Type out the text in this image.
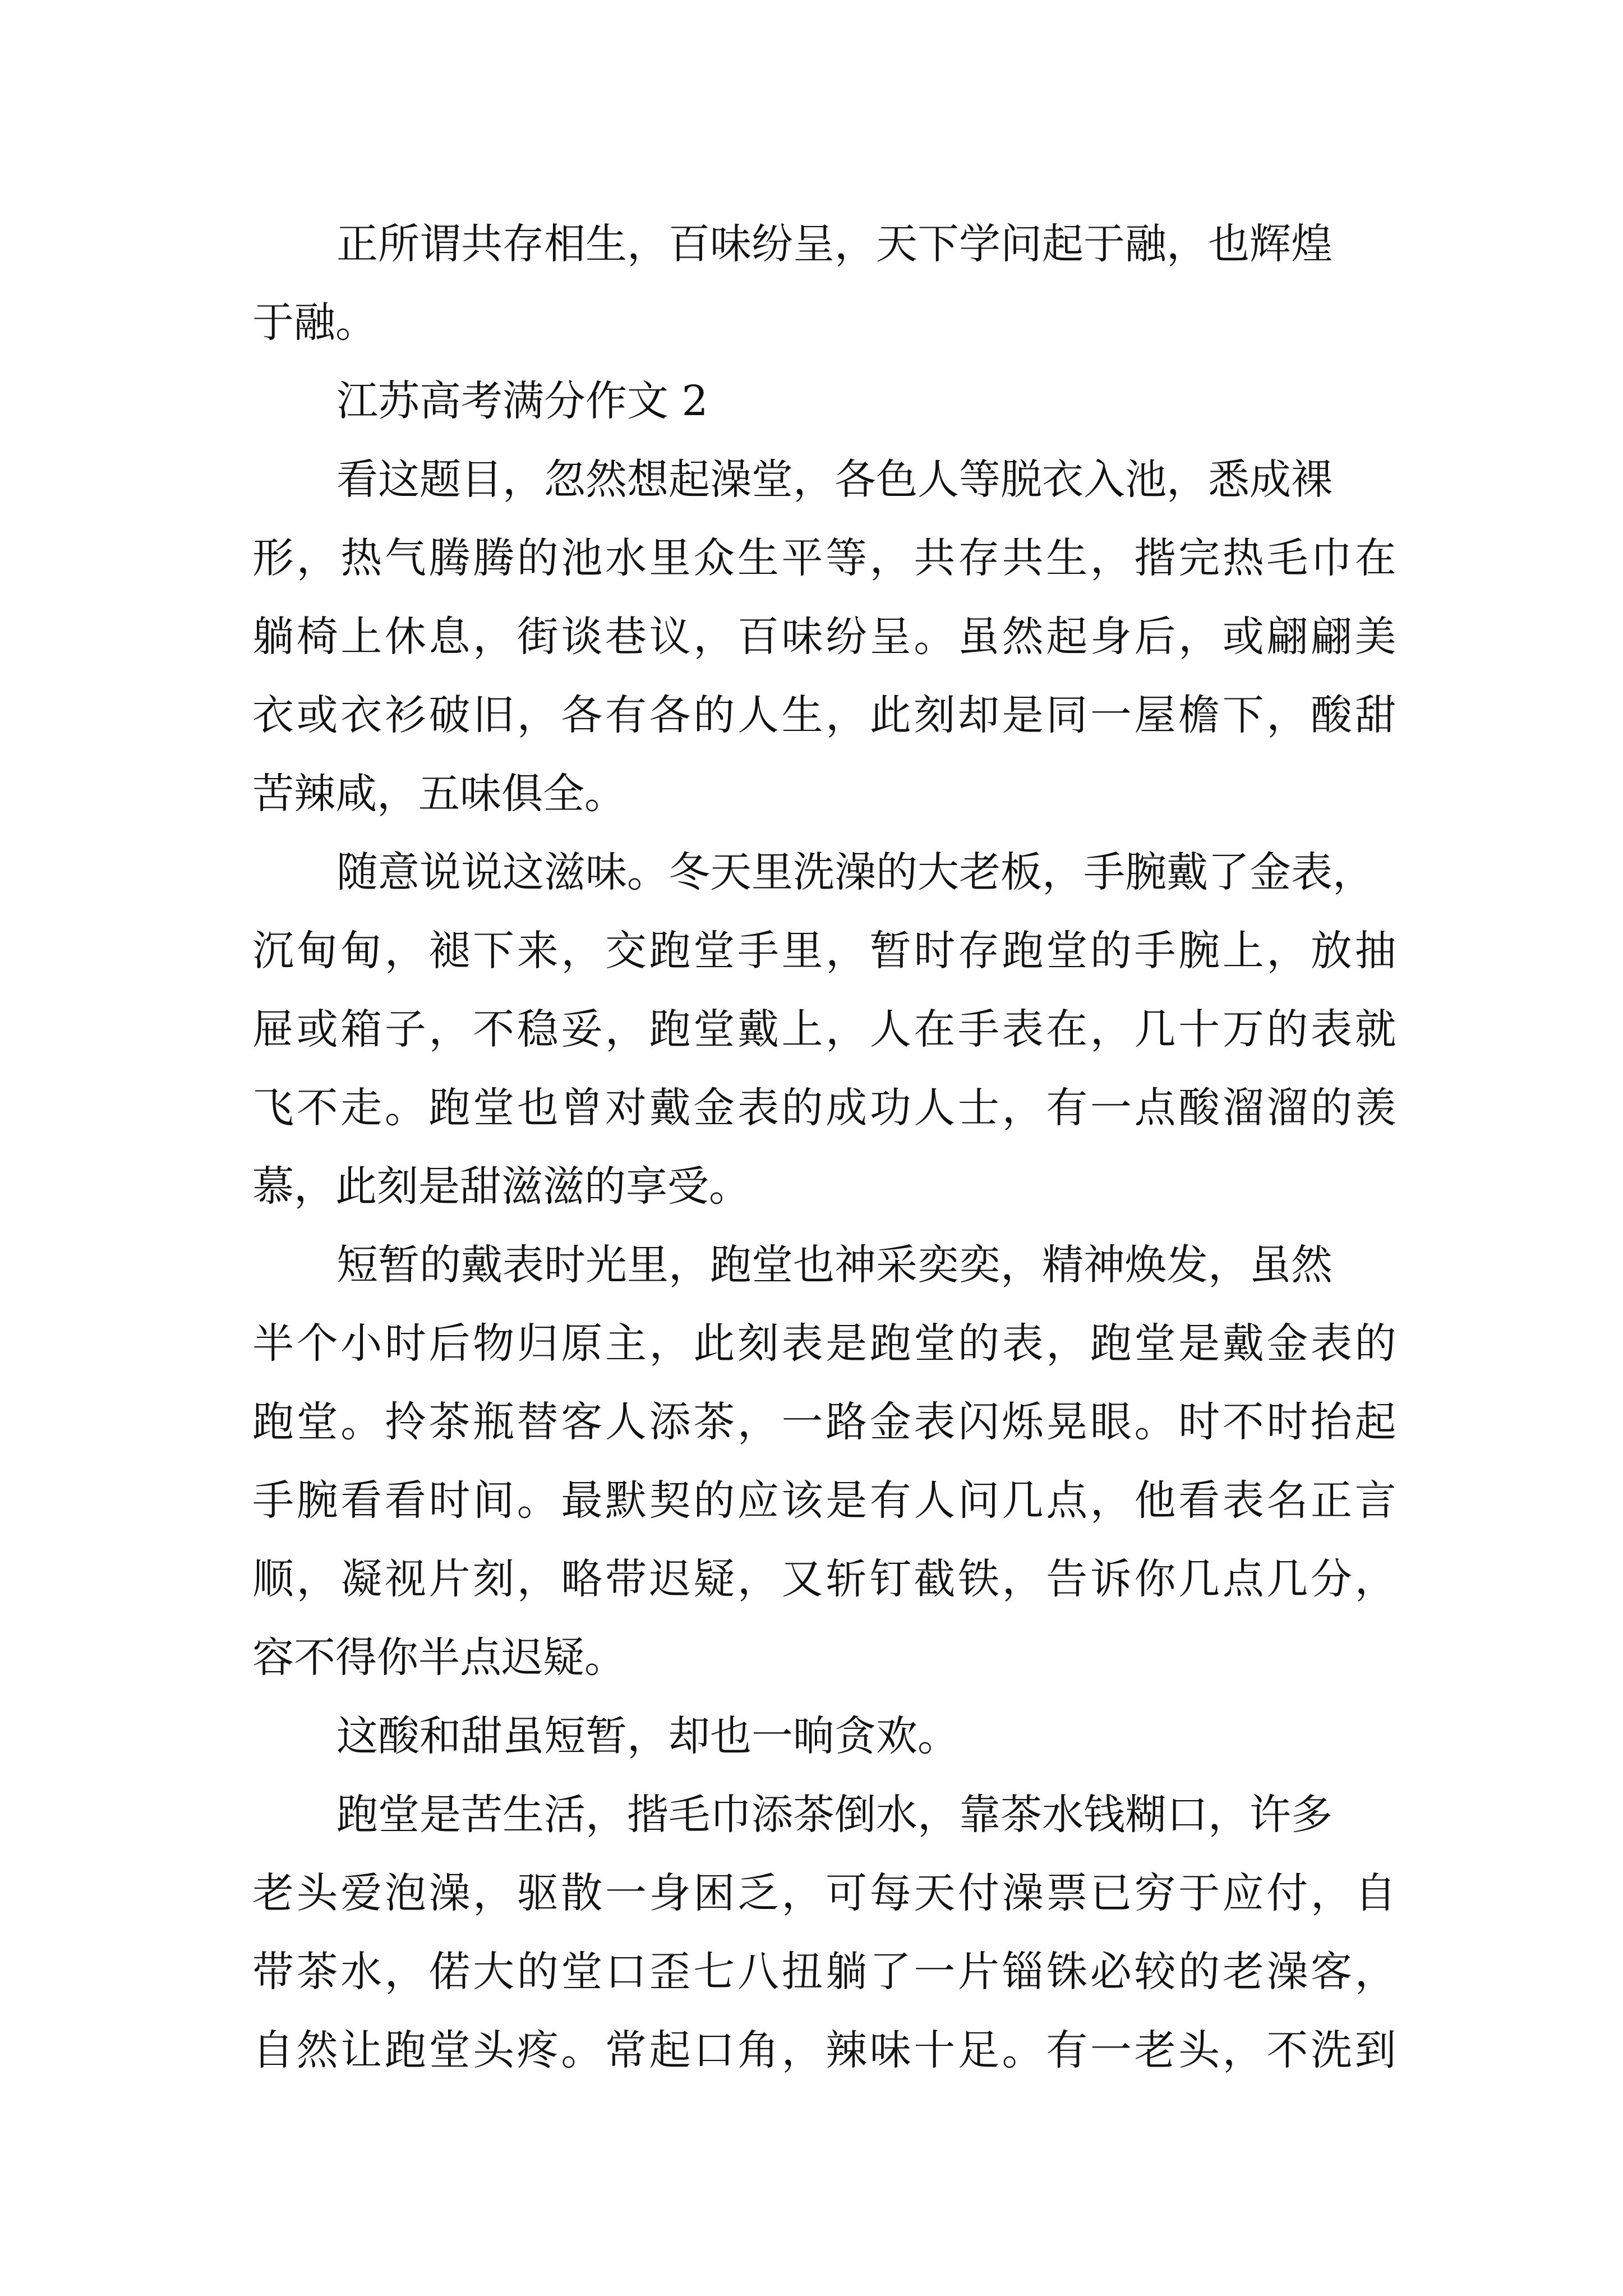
正所谓共存相生，百味纷呈，天下学问起于融，也辉煌
于融。
江苏高考满分作文 2
看这题目，忽然想起澡堂，各色人等脱衣入池，悉成裸
形 ， 热 气 腾 腾 的 池 水 里 众 生 平 等 ， 共 存 共 生 ， 揩 完 热 毛 巾 在
躺 椅 上 休 息 ， 街 谈 巷 议 ， 百 味 纷 呈 。 虽 然 起 身 后 ， 或 翩 翩 美
衣 或 衣 衫 破 旧 ， 各 有 各 的 人 生 ， 此 刻 却 是 同 一 屋 檐 下 ， 酸 甜
苦辣咸，五味俱全。
随意说说这滋味。冬天里洗澡的大老板，手腕戴了金表，
沉 甸 甸 ， 褪 下 来 ， 交 跑 堂 手 里 ， 暂 时 存 跑 堂 的 手 腕 上 ， 放 抽
屉 或 箱 子 ， 不 稳 妥 ， 跑 堂 戴 上 ， 人 在 手 表 在 ， 几 十 万 的 表 就
飞 不 走 。 跑 堂 也 曾 对 戴 金 表 的 成 功 人 士 ， 有 一 点 酸 溜 溜 的 羡
慕，此刻是甜滋滋的享受。
短暂的戴表时光里，跑堂也神采奕奕，精神焕发，虽然
半 个 小 时 后 物 归 原 主 ， 此 刻 表 是 跑 堂 的 表 ， 跑 堂 是 戴 金 表 的
跑 堂 。 拎 茶 瓶 替 客 人 添 茶 ， 一 路 金 表 闪 烁 晃 眼 。 时 不 时 抬 起
手 腕 看 看 时 间 。 最 默 契 的 应 该 是 有 人 问 几 点 ， 他 看 表 名 正 言
顺 ， 凝 视 片 刻 ， 略 带 迟 疑 ， 又 斩 钉 截 铁 ， 告 诉 你 几 点 几 分 ，
容不得你半点迟疑。
这酸和甜虽短暂，却也一晌贪欢。
跑堂是苦生活，揩毛巾添茶倒水，靠茶水钱糊口，许多
老 头 爱 泡 澡 ， 驱 散 一 身 困 乏 ， 可 每 天 付 澡 票 已 穷 于 应 付 ， 自
带 茶 水 ， 偌 大 的 堂 口 歪 七 八 扭 躺 了 一 片 锱 铢 必 较 的 老 澡 客 ，
自 然 让 跑 堂 头 疼 。 常 起 口 角 ， 辣 味 十 足 。 有 一 老 头 ， 不 洗 到
